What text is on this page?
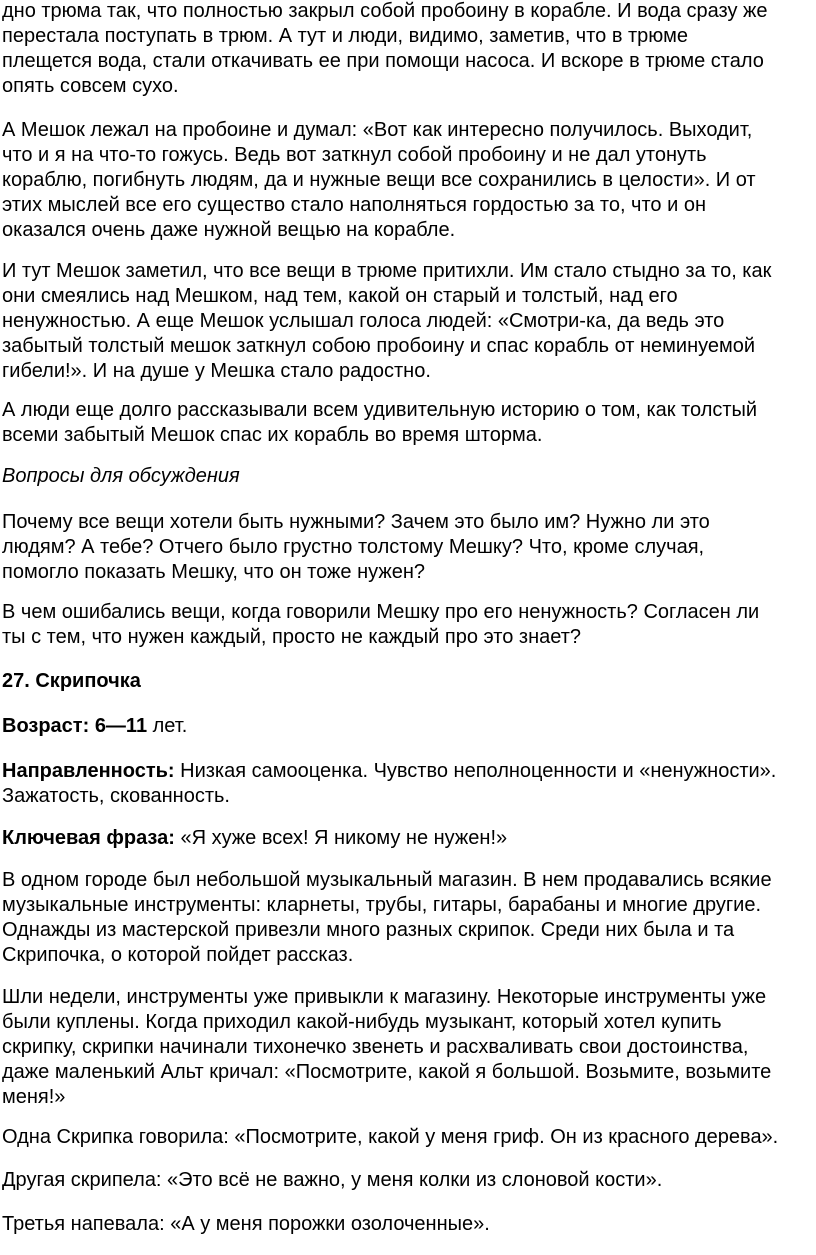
дно трюма так, что полностью закрыл собой пробоину в корабле. И вода сразу же
перестала поступать в трюм. А тут и люди, видимо, заметив, что в трюме
плещется вода, стали откачивать ее при помощи насоса. И вскоре в трюме стало
опять совсем сухо.

А Мешок лежал на пробоине и думал: «Вот как интересно получилось. Выходит,
что и я на что-то гожусь. Ведь вот заткнул собой пробоину и не дал утонуть
кораблю, погибнуть людям, да и нужные вещи все сохранились в целости». И от
этих мыслей все его существо стало наполняться гордостью за то, что и он
оказался очень даже нужной вещью на корабле.

И тут Мешок заметил, что все вещи в трюме притихли. Им стало стыдно за то, как
они смеялись над Мешком, над тем, какой он старый и толстый, над его
ненужностью. А еще Мешок услышал голоса людей: «Смотри-ка, да ведь это
забытый толстый мешок заткнул собою пробоину и спас корабль от неминуемой
гибели!». И на душе у Мешка стало радостно.

А люди еще долго рассказывали всем удивительную историю о том, как толстый
всеми забытый Мешок спас их корабль во время шторма.

Вопросы для обсуждения

Почему все вещи хотели быть нужными? Зачем это было им? Нужно ли это
людям? А тебе? Отчего было грустно толстому Мешку? Что, кроме случая,
помогло показать Мешку, что он тоже нужен?

В чем ошибались вещи, когда говорили Мешку про его ненужность? Согласен ли
ты с тем, что нужен каждый, просто не каждый про это знает?

27. Скрипочка

Возраст: 6—11 лет.

Направленность: Низкая самооценка. Чувство неполноценности и «ненужности».
Зажатость, скованность.

Ключевая фраза: «Я хуже всех! Я никому не нужен!»

В одном городе был небольшой музыкальный магазин. В нем продавались всякие
музыкальные инструменты: кларнеты, трубы, гитары, барабаны и многие другие.
Однажды из мастерской привезли много разных скрипок. Среди них была и та
Скрипочка, о которой пойдет рассказ.

Шли недели, инструменты уже привыкли к магазину. Некоторые инструменты уже
были куплены. Когда приходил какой-нибудь музыкант, который хотел купить
скрипку, скрипки начинали тихонечко звенеть и расхваливать свои достоинства,
даже маленький Альт кричал: «Посмотрите, какой я большой. Возьмите, возьмите
меня!»

Одна Скрипка говорила: «Посмотрите, какой у меня гриф. Он из красного дерева».

Другая скрипела: «Это всё не важно, у меня колки из слоновой кости».

Третья напевала: «А у меня порожки озолоченные».
